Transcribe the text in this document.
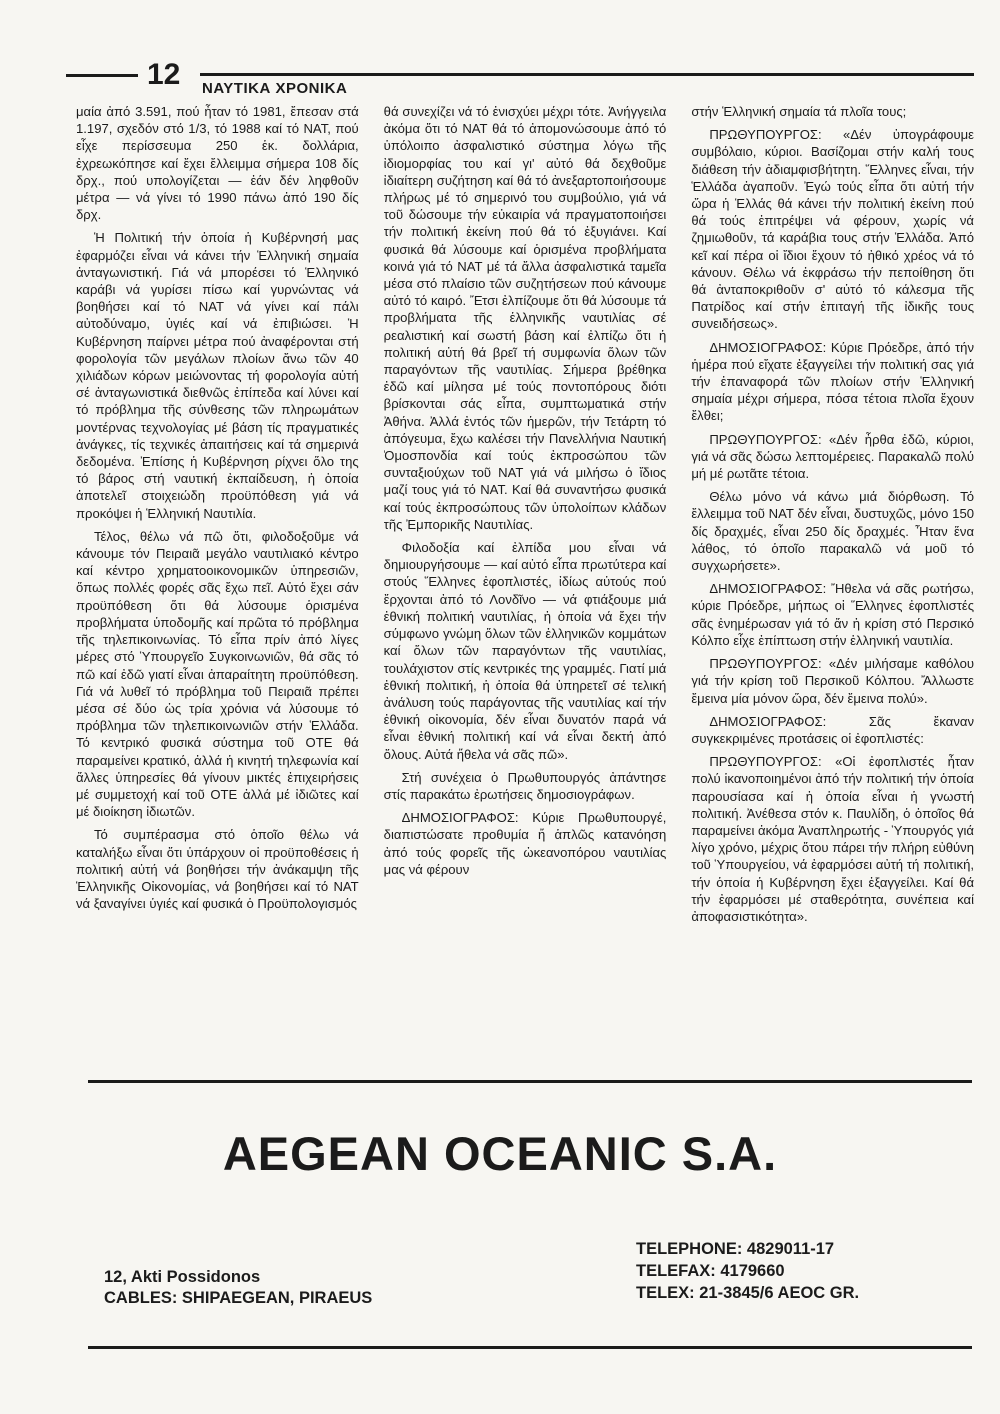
12 ΝΑΥΤΙΚΑ ΧΡΟΝΙΚΑ

μαία ἀπό 3.591, πού ἦταν τό 1981, ἔπεσαν στά 1.197, σχεδόν στό 1/3, τό 1988 καί τό ΝΑΤ, πού εἶχε περίσσευμα 250 ἑκ. δολλάρια, ἐχρεωκόπησε καί ἔχει ἔλλειμμα σήμερα 108 δίς δρχ., πού υπολογίζεται — ἐάν δέν ληφθοῦν μέτρα — νά γίνει τό 1990 πάνω ἀπό 190 δίς δρχ.

Ἡ Πολιτική τήν ὁποία ἡ Κυβέρνησή μας ἐφαρμόζει εἶναι νά κάνει τήν Ἑλληνική σημαία ἀνταγωνιστική. Γιά νά μπορέσει τό Ἑλληνικό καράβι νά γυρίσει πίσω καί γυρνώντας νά βοηθήσει καί τό ΝΑΤ νά γίνει καί πάλι αὐτοδύναμο, ὑγιές καί νά ἐπιβιώσει. Ἡ Κυβέρνηση παίρνει μέτρα πού ἀναφέρονται στή φορολογία τῶν μεγάλων πλοίων ἄνω τῶν 40 χιλιάδων κόρων μειώνοντας τή φορολογία αὐτή σέ ἀνταγωνιστικά διεθνῶς ἐπίπεδα καί λύνει καί τό πρόβλημα τῆς σύνθεσης τῶν πληρωμάτων μοντέρνας τεχνολογίας μέ βάση τίς πραγματικές ἀνάγκες, τίς τεχνικές ἀπαιτήσεις καί τά σημερινά δεδομένα. Ἐπίσης ἡ Κυβέρνηση ρίχνει ὅλο της τό βάρος στή ναυτική ἐκπαίδευση, ἡ ὁποία ἀποτελεῖ στοιχειώδη προϋπόθεση γιά νά προκόψει ἡ Ἑλληνική Ναυτιλία.

Τέλος, θέλω νά πῶ ὅτι, φιλοδοξοῦμε νά κάνουμε τόν Πειραιᾶ μεγάλο ναυτιλιακό κέντρο καί κέντρο χρηματοοικονομικῶν ὑπηρεσιῶν, ὅπως πολλές φορές σᾶς ἔχω πεῖ. Αὐτό ἔχει σάν προϋπόθεση ὅτι θά λύσουμε ὁρισμένα προβλήματα ὑποδομῆς καί πρῶτα τό πρόβλημα τῆς τηλεπικοινωνίας. Τό εἶπα πρίν ἀπό λίγες μέρες στό Ὑπουργεῖο Συγκοινωνιῶν, θά σᾶς τό πῶ καί ἐδῶ γιατί εἶναι ἀπαραίτητη προϋπόθεση. Γιά νά λυθεῖ τό πρόβλημα τοῦ Πειραιᾶ πρέπει μέσα σέ δύο ὡς τρία χρόνια νά λύσουμε τό πρόβλημα τῶν τηλεπικοινωνιῶν στήν Ἑλλάδα. Τό κεντρικό φυσικά σύστημα τοῦ ΟΤΕ θά παραμείνει κρατικό, ἀλλά ἡ κινητή τηλεφωνία καί ἄλλες ὑπηρεσίες θά γίνουν μικτές ἐπιχειρήσεις μέ συμμετοχή καί τοῦ ΟΤΕ ἀλλά μέ ἰδιῶτες καί μέ διοίκηση ἰδιωτῶν.

Τό συμπέρασμα στό ὁποῖο θέλω νά καταλήξω εἶναι ὅτι ὑπάρχουν οἱ προϋποθέσεις ἡ πολιτική αὐτή νά βοηθήσει τήν ἀνάκαμψη τῆς Ἑλληνικῆς Οἰκονομίας, νά βοηθήσει καί τό ΝΑΤ νά ξαναγίνει ὑγιές καί φυσικά ὁ Προϋπολογισμός

θά συνεχίζει νά τό ἐνισχύει μέχρι τότε. Ἀνήγγειλα ἀκόμα ὅτι τό ΝΑΤ θά τό ἀπομονώσουμε ἀπό τό ὑπόλοιπο ἀσφαλιστικό σύστημα λόγω τῆς ἰδιομορφίας του καί γι' αὐτό θά δεχθοῦμε ἰδιαίτερη συζήτηση καί θά τό ἀνεξαρτοποιήσουμε πλήρως μέ τό σημερινό του συμβούλιο, γιά νά τοῦ δώσουμε τήν εὐκαιρία νά πραγματοποιήσει τήν πολιτική ἐκείνη πού θά τό ἐξυγιάνει. Καί φυσικά θά λύσουμε καί ὁρισμένα προβλήματα κοινά γιά τό ΝΑΤ μέ τά ἄλλα ἀσφαλιστικά ταμεῖα μέσα στό πλαίσιο τῶν συζητήσεων πού κάνουμε αὐτό τό καιρό. Ἔτσι ἐλπίζουμε ὅτι θά λύσουμε τά προβλήματα τῆς ἑλληνικῆς ναυτιλίας σέ ρεαλιστική καί σωστή βάση καί ἐλπίζω ὅτι ἡ πολιτική αὐτή θά βρεῖ τή συμφωνία ὅλων τῶν παραγόντων τῆς ναυτιλίας. Σήμερα βρέθηκα ἐδῶ καί μίλησα μέ τούς ποντοπόρους διότι βρίσκονται σάς εἶπα, συμπτωματικά στήν Ἀθήνα. Ἀλλά ἐντός τῶν ἡμερῶν, τήν Τετάρτη τό ἀπόγευμα, ἔχω καλέσει τήν Πανελλήνια Ναυτική Ὁμοσπονδία καί τούς ἐκπροσώπου τῶν συνταξιούχων τοῦ ΝΑΤ γιά νά μιλήσω ὁ ἴδιος μαζί τους γιά τό ΝΑΤ. Καί θά συναντήσω φυσικά καί τούς ἐκπροσώπους τῶν ὑπολοίπων κλάδων τῆς Ἐμπορικῆς Ναυτιλίας.

Φιλοδοξία καί ἐλπίδα μου εἶναι νά δημιουργήσουμε — καί αὐτό εἶπα πρωτύτερα καί στούς Ἕλληνες ἐφοπλιστές, ἰδίως αὐτούς πού ἔρχονται ἀπό τό Λονδῖνο — νά φτιάξουμε μιά ἐθνική πολιτική ναυτιλίας, ἡ ὁποία νά ἔχει τήν σύμφωνο γνώμη ὅλων τῶν ἑλληνικῶν κομμάτων καί ὅλων τῶν παραγόντων τῆς ναυτιλίας, τουλάχιστον στίς κεντρικές της γραμμές. Γιατί μιά ἐθνική πολιτική, ἡ ὁποία θά ὑπηρετεῖ σέ τελική ἀνάλυση τούς παράγοντας τῆς ναυτιλίας καί τήν ἐθνική οἰκονομία, δέν εἶναι δυνατόν παρά νά εἶναι ἐθνική πολιτική καί νά εἶναι δεκτή ἀπό ὅλους. Αὐτά ἤθελα νά σᾶς πῶ».

Στή συνέχεια ὁ Πρωθυπουργός ἀπάντησε στίς παρακάτω ἐρωτήσεις δημοσιογράφων.

ΔΗΜΟΣΙΟΓΡΑΦΟΣ: Κύριε Πρωθυπουργέ, διαπιστώσατε προθυμία ἤ ἁπλῶς κατανόηση ἀπό τούς φορεῖς τῆς ὠκεανοπόρου ναυτιλίας μας νά φέρουν

στήν Ἑλληνική σημαία τά πλοῖα τους;

ΠΡΩΘΥΠΟΥΡΓΟΣ: «Δέν ὑπογράφουμε συμβόλαιο, κύριοι. Βασίζομαι στήν καλή τους διάθεση τήν ἀδιαμφισβήτητη. Ἕλληνες εἶναι, τήν Ἑλλάδα ἀγαποῦν. Ἐγώ τούς εἶπα ὅτι αὐτή τήν ὥρα ἡ Ἑλλάς θά κάνει τήν πολιτική ἐκείνη πού θά τούς ἐπιτρέψει νά φέρουν, χωρίς νά ζημιωθοῦν, τά καράβια τους στήν Ἑλλάδα. Ἀπό κεῖ καί πέρα οἱ ἴδιοι ἔχουν τό ἠθικό χρέος νά τό κάνουν. Θέλω νά ἐκφράσω τήν πεποίθηση ὅτι θά ἀνταποκριθοῦν σ' αὐτό τό κάλεσμα τῆς Πατρίδος καί στήν ἐπιταγή τῆς ἰδικῆς τους συνειδήσεως».

ΔΗΜΟΣΙΟΓΡΑΦΟΣ: Κύριε Πρόεδρε, ἀπό τήν ἡμέρα πού εἴχατε ἐξαγγείλει τήν πολιτική σας γιά τήν ἐπαναφορά τῶν πλοίων στήν Ἑλληνική σημαία μέχρι σήμερα, πόσα τέτοια πλοῖα ἔχουν ἔλθει;

ΠΡΩΘΥΠΟΥΡΓΟΣ: «Δέν ἦρθα ἐδῶ, κύριοι, γιά νά σᾶς δώσω λεπτομέρειες. Παρακαλῶ πολύ μή μέ ρωτᾶτε τέτοια.

Θέλω μόνο νά κάνω μιά διόρθωση. Τό ἔλλειμμα τοῦ ΝΑΤ δέν εἶναι, δυστυχῶς, μόνο 150 δίς δραχμές, εἶναι 250 δίς δραχμές. Ἦταν ἕνα λάθος, τό ὁποῖο παρακαλῶ νά μοῦ τό συγχωρήσετε».

ΔΗΜΟΣΙΟΓΡΑΦΟΣ: Ἤθελα νά σᾶς ρωτήσω, κύριε Πρόεδρε, μήπως οἱ Ἕλληνες ἐφοπλιστές σᾶς ἐνημέρωσαν γιά τό ἄν ἡ κρίση στό Περσικό Κόλπο εἶχε ἐπίπτωση στήν ἑλληνική ναυτιλία.

ΠΡΩΘΥΠΟΥΡΓΟΣ: «Δέν μιλήσαμε καθόλου γιά τήν κρίση τοῦ Περσικοῦ Κόλπου. Ἄλλωστε ἔμεινα μία μόνον ὥρα, δέν ἔμεινα πολύ».

ΔΗΜΟΣΙΟΓΡΑΦΟΣ: Σᾶς ἔκαναν συγκεκριμένες προτάσεις οἱ ἐφοπλιστές:

ΠΡΩΘΥΠΟΥΡΓΟΣ: «Οἱ ἐφοπλιστές ἦταν πολύ ἱκανοποιημένοι ἀπό τήν πολιτική τήν ὁποία παρουσίασα καί ἡ ὁποία εἶναι ἡ γνωστή πολιτική. Ἀνέθεσα στόν κ. Παυλίδη, ὁ ὁποῖος θά παραμείνει ἀκόμα Ἀναπληρωτής - Ὑπουργός γιά λίγο χρόνο, μέχρις ὅτου πάρει τήν πλήρη εὐθύνη τοῦ Ὑπουργείου, νά ἐφαρμόσει αὐτή τή πολιτική, τήν ὁποία ἡ Κυβέρνηση ἔχει ἐξαγγείλει. Καί θά τήν ἐφαρμόσει μέ σταθερότητα, συνέπεια καί ἀποφασιστικότητα».

AEGEAN OCEANIC S.A.
12, Akti Possidonos
CABLES: SHIPAEGEAN, PIRAEUS
TELEPHONE: 4829011-17
TELEFAX: 4179660
TELEX: 21-3845/6 AEOC GR.
